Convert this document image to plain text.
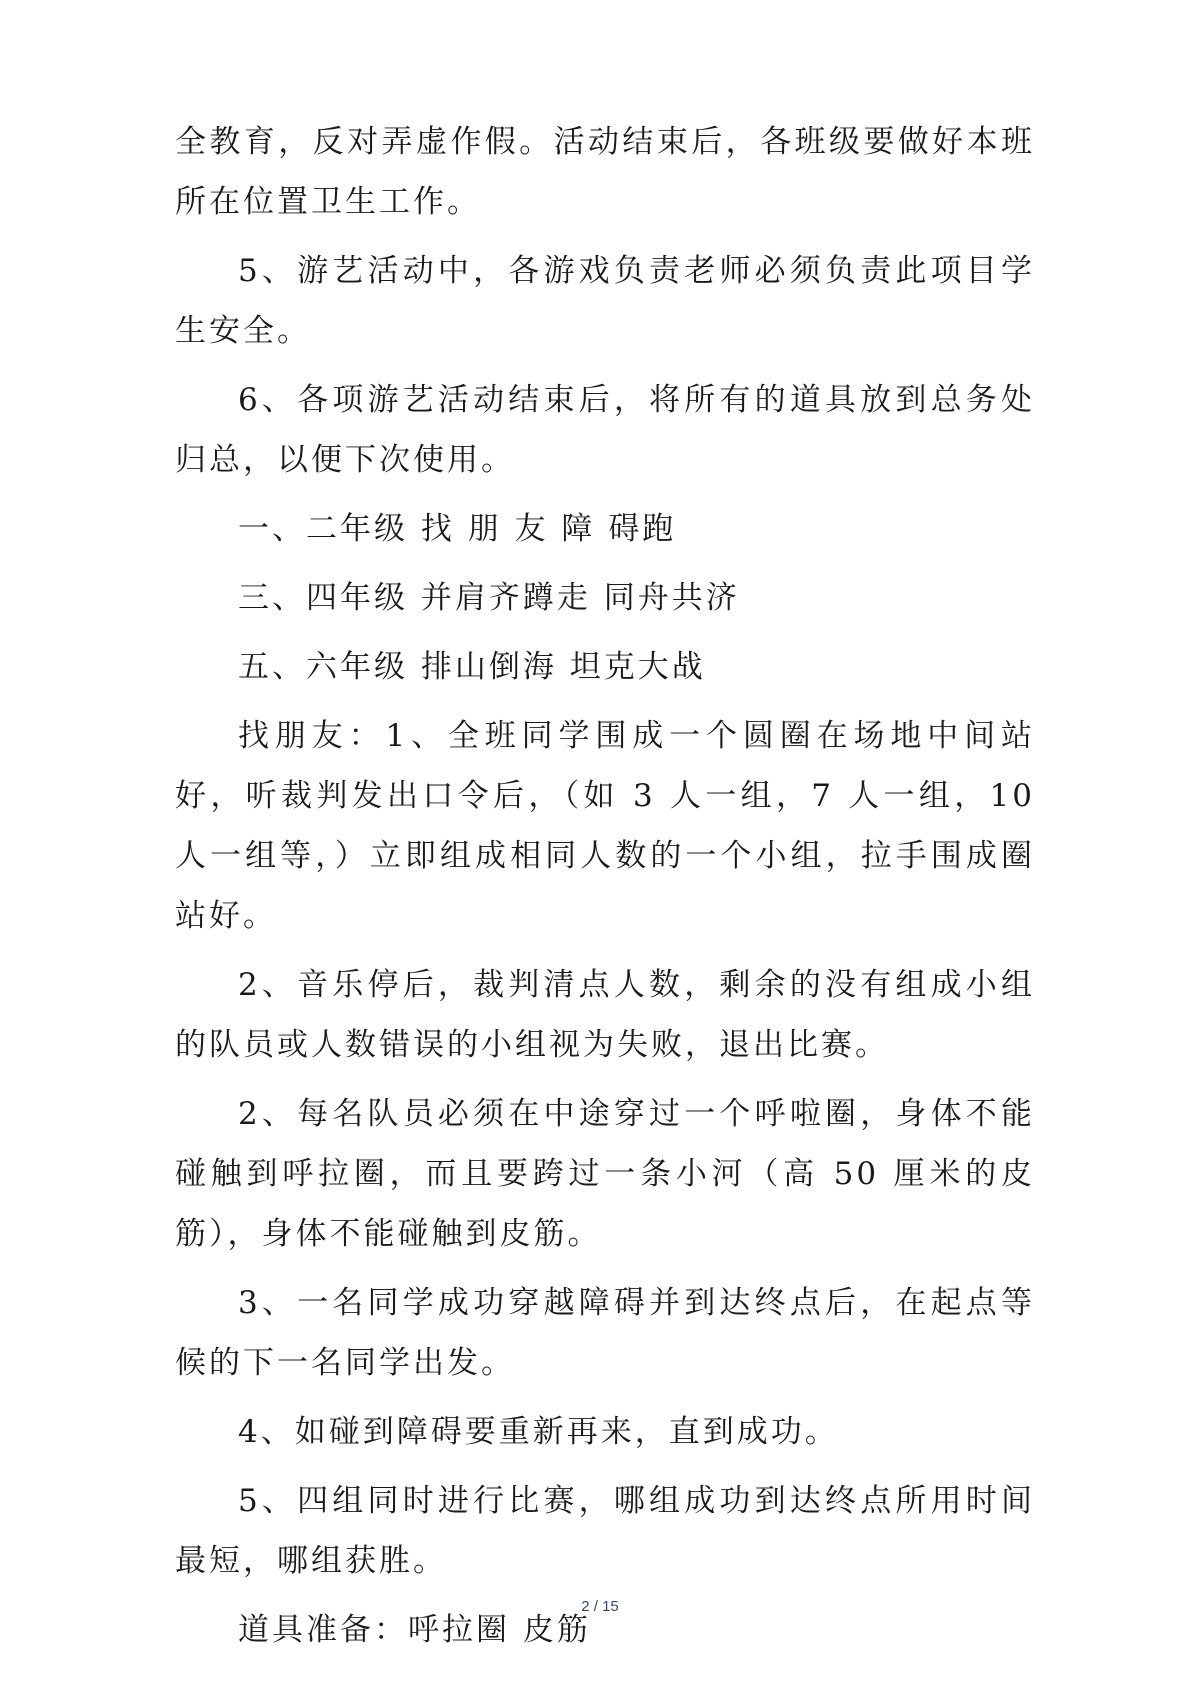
全教育，反对弄虚作假。活动结束后，各班级要做好本班所在位置卫生工作。

5、游艺活动中，各游戏负责老师必须负责此项目学生安全。

6、各项游艺活动结束后，将所有的道具放到总务处归总，以便下次使用。

一、二年级 找 朋 友 障 碍跑

三、四年级 并肩齐蹲走 同舟共济

五、六年级 排山倒海 坦克大战

找朋友：1、全班同学围成一个圆圈在场地中间站好，听裁判发出口令后，（如 3 人一组，7 人一组，10 人一组等，）立即组成相同人数的一个小组，拉手围成圈站好。

2、音乐停后，裁判清点人数，剩余的没有组成小组的队员或人数错误的小组视为失败，退出比赛。

2、每名队员必须在中途穿过一个呼啦圈，身体不能碰触到呼拉圈，而且要跨过一条小河（高 50 厘米的皮筋），身体不能碰触到皮筋。

3、一名同学成功穿越障碍并到达终点后，在起点等候的下一名同学出发。

4、如碰到障碍要重新再来，直到成功。

5、四组同时进行比赛，哪组成功到达终点所用时间最短，哪组获胜。

道具准备：呼拉圈 皮筋

2 / 15
